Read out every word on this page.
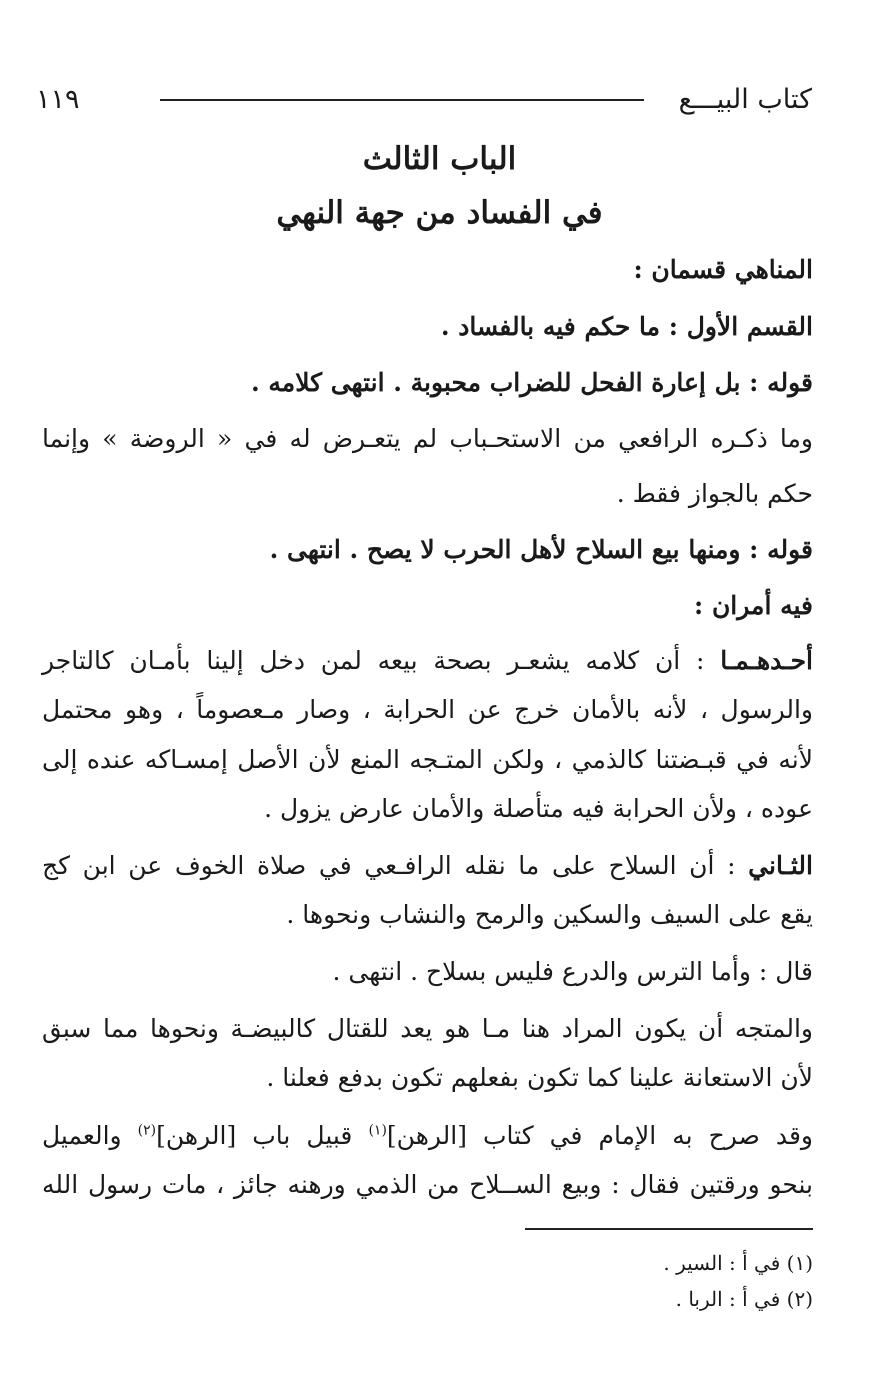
كتاب البيـــع
١١٩
الباب الثالث
في الفساد من جهة النهي
المناهي قسمان :
القسم الأول : ما حكم فيه بالفساد .
قوله : بل إعارة الفحل للضراب محبوبة . انتهى كلامه .
وما ذكـره الرافعي من الاستحـباب لم يتعـرض له في « الروضة » وإنما
حكم بالجواز فقط .
قوله : ومنها بيع السلاح لأهل الحرب لا يصح . انتهى .
فيه أمران :
أحـدهـمـا : أن كلامه يشعـر بصحة بيعه لمن دخل إلينا بأمـان كالتاجر
والرسول ، لأنه بالأمان خرج عن الحرابة ، وصار مـعصوماً ، وهو محتمل
لأنه في قبـضتنا كالذمي ، ولكن المتـجه المنع لأن الأصل إمسـاكه عنده إلى
عوده ، ولأن الحرابة فيه متأصلة والأمان عارض يزول .
الثـاني : أن السلاح على ما نقله الرافـعي في صلاة الخوف عن ابن كج
يقع على السيف والسكين والرمح والنشاب ونحوها .
قال : وأما الترس والدرع فليس بسلاح . انتهى .
والمتجه أن يكون المراد هنا مـا هو يعد للقتال كالبيضـة ونحوها مما سبق
لأن الاستعانة علينا كما تكون بفعلهم تكون بدفع فعلنا .
وقد صرح به الإمام في كتاب [الرهن]$^{(١)}$ قبيل باب [الرهن]$^{(٢)}$ والعميل
بنحو ورقتين فقال : وبيع الســلاح من الذمي ورهنه جائز ، مات رسول الله
(١) في أ : السير .
(٢) في أ : الربا .
